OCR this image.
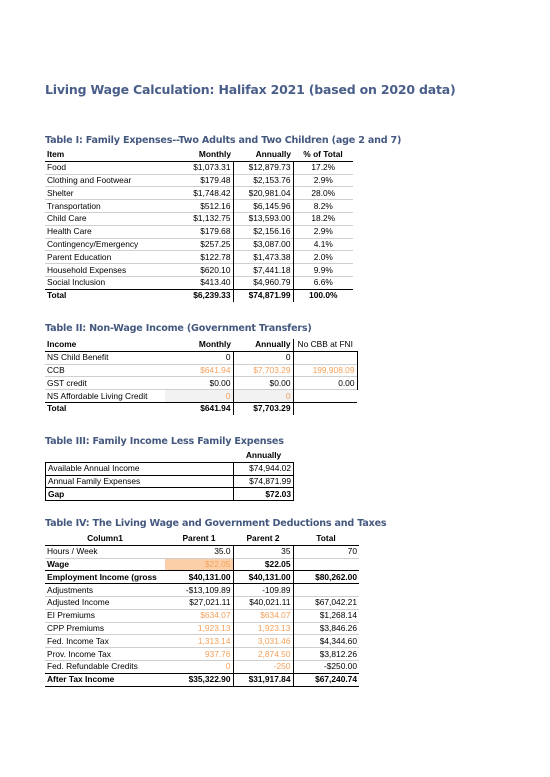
Living Wage Calculation: Halifax 2021 (based on 2020 data)
Table I: Family Expenses--Two Adults and Two Children (age 2 and 7)
Item	Monthly	Annually	% of Total
Food	$1,073.31	$12,879.73	17.2%
Clothing and Footwear	$179.48	$2,153.76	2.9%
Shelter	$1,748.42	$20,981.04	28.0%
Transportation	$512.16	$6,145.96	8.2%
Child Care	$1,132.75	$13,593.00	18.2%
Health Care	$179.68	$2,156.16	2.9%
Contingency/Emergency	$257.25	$3,087.00	4.1%
Parent Education	$122.78	$1,473.38	2.0%
Household Expenses	$620.10	$7,441.18	9.9%
Social Inclusion	$413.40	$4,960.79	6.6%
Total	$6,239.33	$74,871.99	100.0%
Table II: Non-Wage Income (Government Transfers)
Income	Monthly	Annually	No CBB at FNI
NS Child Benefit	0	0	
CCB	$641.94	$7,703.29	199,908.09
GST credit	$0.00	$0.00	0.00
NS Affordable Living Credit	0	0	
Total	$641.94	$7,703.29	
Table III: Family Income Less Family Expenses
	Annually
Available Annual Income	$74,944.02
Annual Family Expenses	$74,871.99
Gap	$72.03
Table IV: The Living Wage and Government Deductions and Taxes
Column1	Parent 1	Parent 2	Total
Hours / Week	35.0	35	70
Wage	$22.05	$22.05	
Employment Income (gross	$40,131.00	$40,131.00	$80,262.00
Adjustments	-$13,109.89	-109.89	
Adjusted Income	$27,021.11	$40,021.11	$67,042.21
EI Premiums	$634.07	$634.07	$1,268.14
CPP Premiums	1,923.13	1,923.13	$3,846.26
Fed. Income Tax	1,313.14	3,031.46	$4,344.60
Prov. Income Tax	937.76	2,874.50	$3,812.26
Fed. Refundable Credits	0	-250	-$250.00
After Tax Income	$35,322.90	$31,917.84	$67,240.74
